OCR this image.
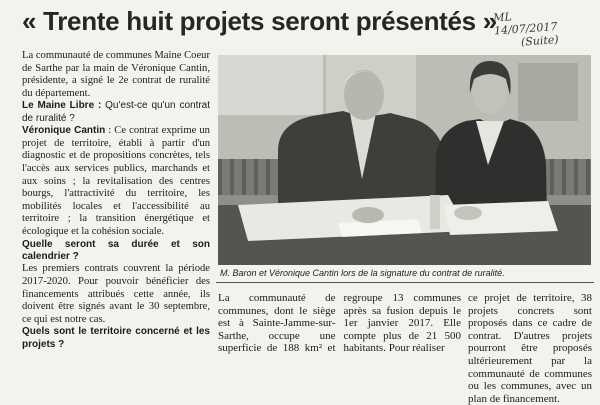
« Trente huit projets seront présentés »
ML
14/07/2017
(Suite)

La communauté de communes Maine Coeur de Sarthe par la main de Véronique Cantin, présidente, a signé le 2e contrat de ruralité du département.

Le Maine Libre : Qu'est-ce qu'un contrat de ruralité ?

Véronique Cantin : Ce contrat exprime un projet de territoire, établi à partir d'un diagnostic et de propositions concrètes, tels l'accès aux services publics, marchands et aux soins ; la revitalisation des centres bourgs, l'attractivité du territoire, les mobilités locales et l'accessibilité au territoire ; la transition énergétique et écologique et la cohésion sociale.

Quelle seront sa durée et son calendrier ?

Les premiers contrats couvrent la période 2017-2020. Pour pouvoir bénéficier des financements attribués cette année, ils doivent être signés avant le 30 septembre, ce qui est notre cas.

Quels sont le territoire concerné et les projets ?

M. Baron et Véronique Cantin lors de la signature du contrat de ruralité.

La communauté de communes, dont le siège est à Sainte-Jamme-sur-Sarthe, occupe une superficie de 188 km² et regroupe 13 communes après sa fusion depuis le 1er janvier 2017. Elle compte plus de 21 500 habitants. Pour réaliser

ce projet de territoire, 38 projets concrets sont proposés dans ce cadre de contrat. D'autres projets pourront être proposés ultérieurement par la communauté de communes ou les communes, avec un plan de financement.
